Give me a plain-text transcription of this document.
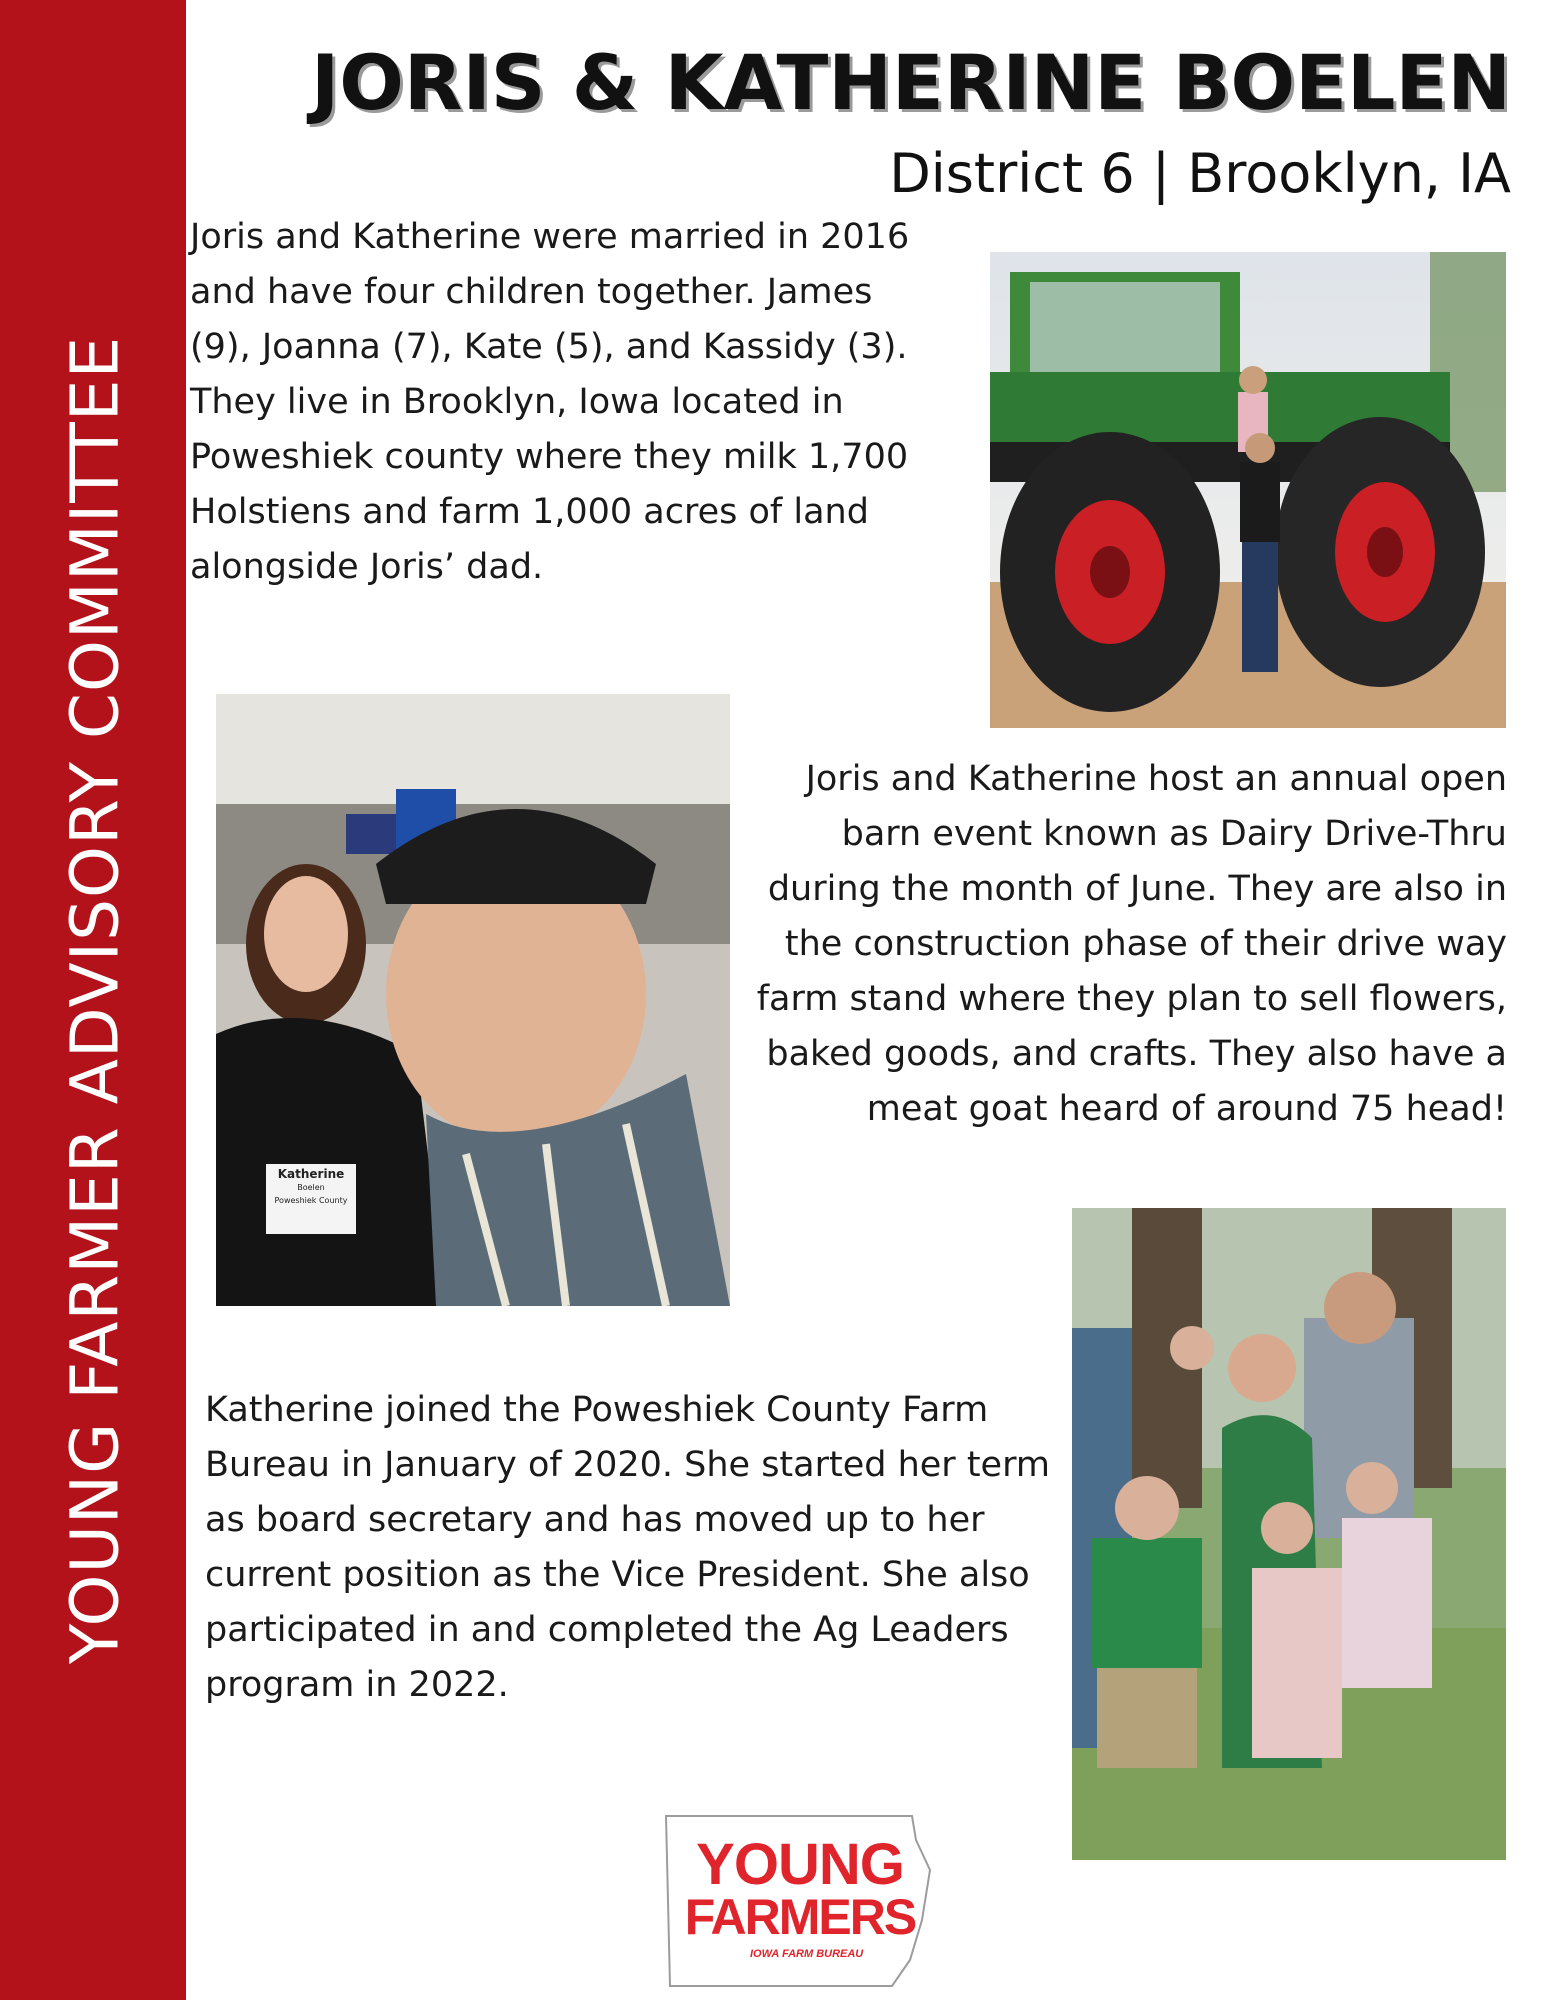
YOUNG FARMER ADVISORY COMMITTEE
JORIS & KATHERINE BOELEN
District 6 | Brooklyn, IA

Joris and Katherine were married in 2016 and have four children together. James (9), Joanna (7), Kate (5), and Kassidy (3). They live in Brooklyn, Iowa located in Poweshiek county where they milk 1,700 Holstiens and farm 1,000 acres of land alongside Joris’ dad.

Katherine
Boelen
Poweshiek County

Joris and Katherine host an annual open barn event known as Dairy Drive-Thru during the month of June. They are also in the construction phase of their drive way farm stand where they plan to sell flowers, baked goods, and crafts. They also have a meat goat heard of around 75 head!

Katherine joined the Poweshiek County Farm Bureau in January of 2020. She started her term as board secretary and has moved up to her current position as the Vice President. She also participated in and completed the Ag Leaders program in 2022.

YOUNG
FARMERS
IOWA FARM BUREAU
